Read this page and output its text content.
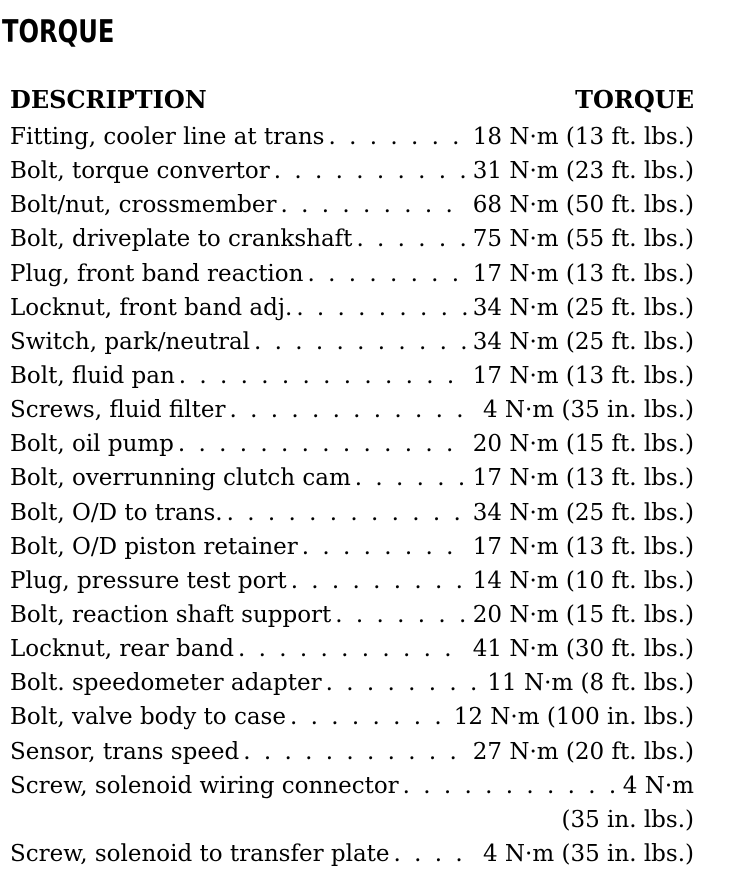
TORQUE
DESCRIPTION	TORQUE
Fitting, cooler line at trans . . .	18 N·m (13 ft. lbs.)
Bolt, torque convertor . . .	31 N·m (23 ft. lbs.)
Bolt/nut, crossmember . . .	68 N·m (50 ft. lbs.)
Bolt, driveplate to crankshaft . . .	75 N·m (55 ft. lbs.)
Plug, front band reaction . . .	17 N·m (13 ft. lbs.)
Locknut, front band adj. . . .	34 N·m (25 ft. lbs.)
Switch, park/neutral . . .	34 N·m (25 ft. lbs.)
Bolt, fluid pan . . .	17 N·m (13 ft. lbs.)
Screws, fluid filter . . .	4 N·m (35 in. lbs.)
Bolt, oil pump . . .	20 N·m (15 ft. lbs.)
Bolt, overrunning clutch cam . . .	17 N·m (13 ft. lbs.)
Bolt, O/D to trans. . . .	34 N·m (25 ft. lbs.)
Bolt, O/D piston retainer . . .	17 N·m (13 ft. lbs.)
Plug, pressure test port . . .	14 N·m (10 ft. lbs.)
Bolt, reaction shaft support . . .	20 N·m (15 ft. lbs.)
Locknut, rear band . . .	41 N·m (30 ft. lbs.)
Bolt. speedometer adapter . . .	11 N·m (8 ft. lbs.)
Bolt, valve body to case . . .	12 N·m (100 in. lbs.)
Sensor, trans speed . . .	27 N·m (20 ft. lbs.)
Screw, solenoid wiring connector . . .	4 N·m
(35 in. lbs.)
Screw, solenoid to transfer plate . . .	4 N·m (35 in. lbs.)
